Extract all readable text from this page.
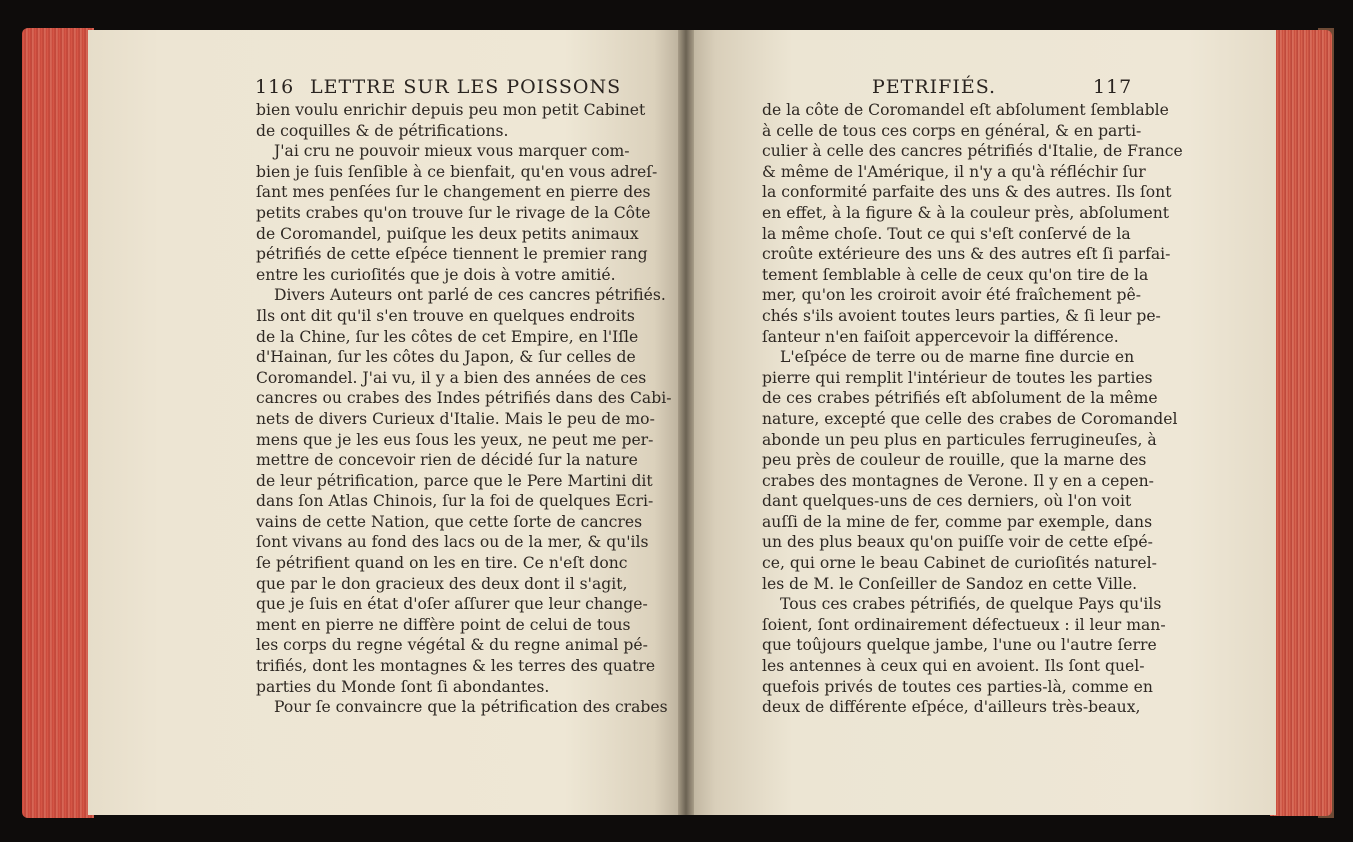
116 LETTRE SUR LES POISSONS	PETRIFIÉS.	117
bien voulu enrichir depuis peu mon petit Cabinet
de coquilles & de pétrifications.
J'ai cru ne pouvoir mieux vous marquer com-
bien je ſuis ſenſible à ce bienfait, qu'en vous adreſ-
ſant mes penſées ſur le changement en pierre des
petits crabes qu'on trouve ſur le rivage de la Côte
de Coromandel, puiſque les deux petits animaux
pétrifiés de cette eſpéce tiennent le premier rang
entre les curioſités que je dois à votre amitié.
Divers Auteurs ont parlé de ces cancres pétrifiés.
Ils ont dit qu'il s'en trouve en quelques endroits
de la Chine, ſur les côtes de cet Empire, en l'Iſle
d'Hainan, ſur les côtes du Japon, & ſur celles de
Coromandel. J'ai vu, il y a bien des années de ces
cancres ou crabes des Indes pétrifiés dans des Cabi-
nets de divers Curieux d'Italie. Mais le peu de mo-
mens que je les eus ſous les yeux, ne peut me per-
mettre de concevoir rien de décidé ſur la nature
de leur pétrification, parce que le Pere Martini dit
dans ſon Atlas Chinois, ſur la foi de quelques Ecri-
vains de cette Nation, que cette ſorte de cancres
ſont vivans au fond des lacs ou de la mer, & qu'ils
ſe pétrifient quand on les en tire. Ce n'eſt donc
que par le don gracieux des deux dont il s'agit,
que je ſuis en état d'oſer aſſurer que leur change-
ment en pierre ne diffère point de celui de tous
les corps du regne végétal & du regne animal pé-
trifiés, dont les montagnes & les terres des quatre
parties du Monde ſont ſi abondantes.
Pour ſe convaincre que la pétrification des crabes
de la côte de Coromandel eſt abſolument ſemblable
à celle de tous ces corps en général, & en parti-
culier à celle des cancres pétrifiés d'Italie, de France
& même de l'Amérique, il n'y a qu'à réfléchir ſur
la conformité parfaite des uns & des autres. Ils ſont
en effet, à la figure & à la couleur près, abſolument
la même choſe. Tout ce qui s'eſt conſervé de la
croûte extérieure des uns & des autres eſt ſi parfai-
tement ſemblable à celle de ceux qu'on tire de la
mer, qu'on les croiroit avoir été fraîchement pê-
chés s'ils avoient toutes leurs parties, & ſi leur pe-
ſanteur n'en faiſoit appercevoir la différence.
L'eſpéce de terre ou de marne fine durcie en
pierre qui remplit l'intérieur de toutes les parties
de ces crabes pétrifiés eſt abſolument de la même
nature, excepté que celle des crabes de Coromandel
abonde un peu plus en particules ferrugineuſes, à
peu près de couleur de rouille, que la marne des
crabes des montagnes de Verone. Il y en a cepen-
dant quelques-uns de ces derniers, où l'on voit
auſſi de la mine de fer, comme par exemple, dans
un des plus beaux qu'on puiſſe voir de cette eſpé-
ce, qui orne le beau Cabinet de curioſités naturel-
les de M. le Conſeiller de Sandoz en cette Ville.
Tous ces crabes pétrifiés, de quelque Pays qu'ils
ſoient, ſont ordinairement défectueux : il leur man-
que toûjours quelque jambe, l'une ou l'autre ſerre
les antennes à ceux qui en avoient. Ils ſont quel-
quefois privés de toutes ces parties-là, comme en
deux de différente eſpéce, d'ailleurs très-beaux,
